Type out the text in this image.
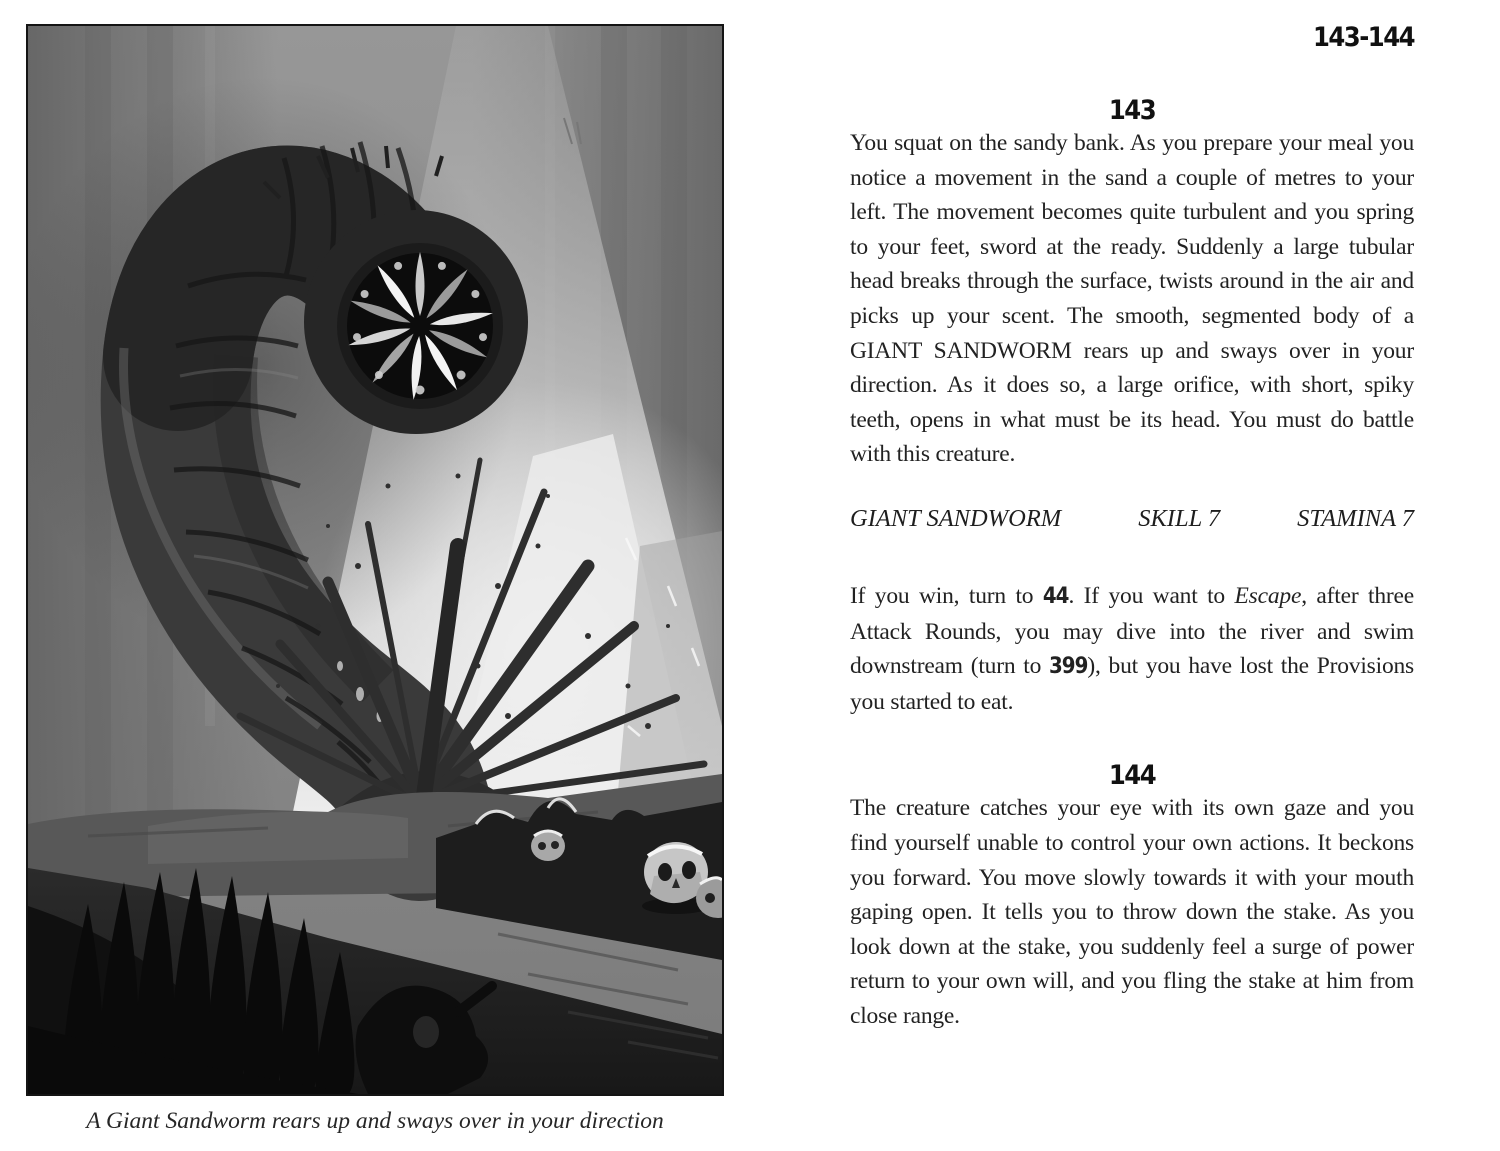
A Giant Sandworm rears up and sways over in your direction
143-144
143

You squat on the sandy bank. As you prepare your meal you notice a movement in the sand a couple of metres to your left. The movement becomes quite turbulent and you spring to your feet, sword at the ready. Suddenly a large tubular head breaks through the surface, twists around in the air and picks up your scent. The smooth, segmented body of a GIANT SANDWORM rears up and sways over in your direction. As it does so, a large orifice, with short, spiky teeth, opens in what must be its head. You must do battle with this creature.

GIANT SANDWORM	SKILL 7	STAMINA 7

If you win, turn to 44. If you want to Escape, after three Attack Rounds, you may dive into the river and swim downstream (turn to 399), but you have lost the Provisions you started to eat.

144

The creature catches your eye with its own gaze and you find yourself unable to control your own actions. It beckons you forward. You move slowly towards it with your mouth gaping open. It tells you to throw down the stake. As you look down at the stake, you suddenly feel a surge of power return to your own will, and you fling the stake at him from close range.
